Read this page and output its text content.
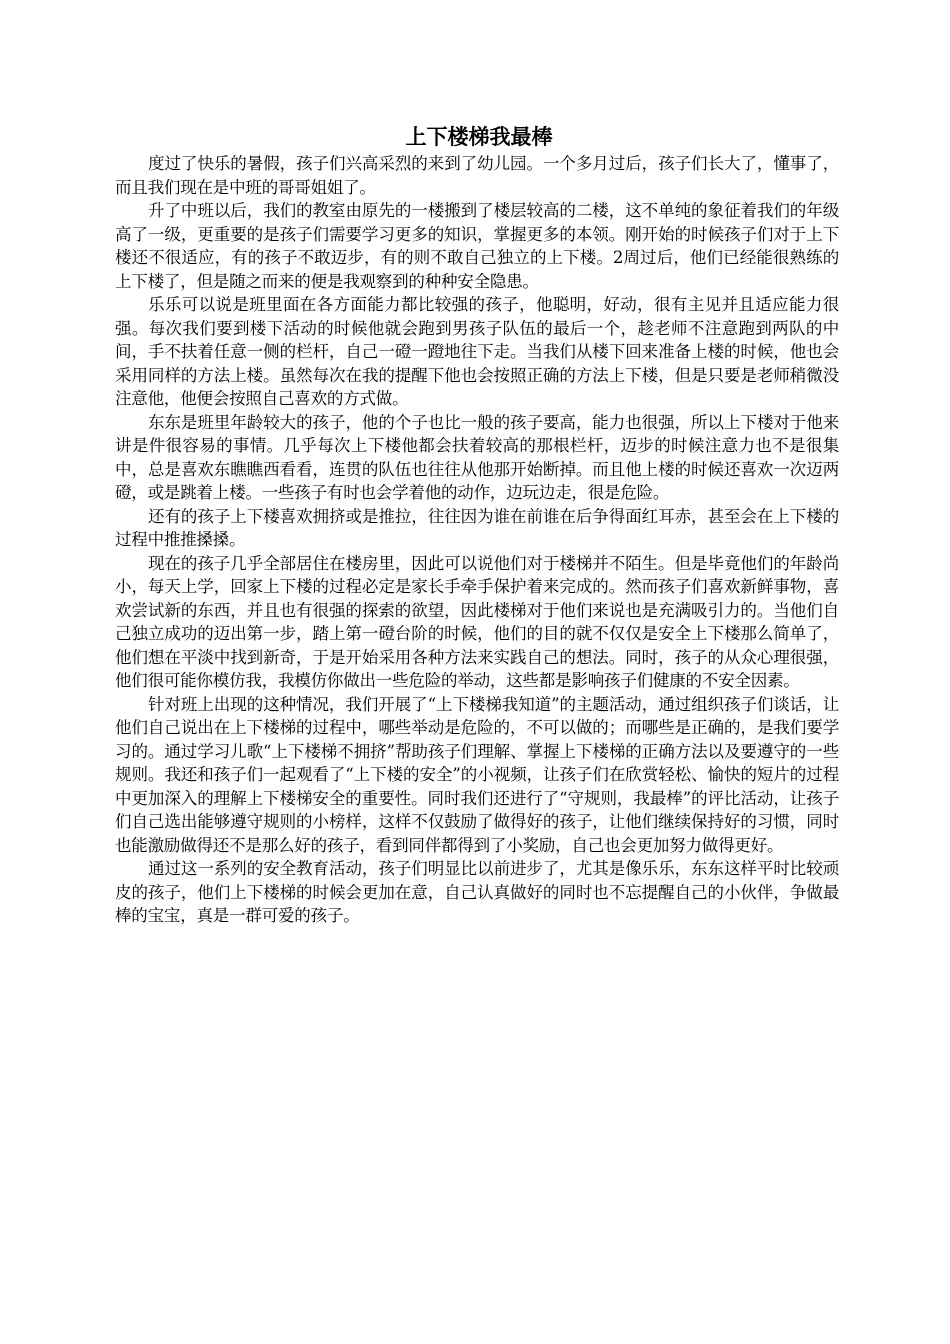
上下楼梯我最棒

度过了快乐的暑假，孩子们兴高采烈的来到了幼儿园。一个多月过后，孩子们长大了，懂事了，而且我们现在是中班的哥哥姐姐了。

升了中班以后，我们的教室由原先的一楼搬到了楼层较高的二楼，这不单纯的象征着我们的年级高了一级，更重要的是孩子们需要学习更多的知识，掌握更多的本领。刚开始的时候孩子们对于上下楼还不很适应，有的孩子不敢迈步，有的则不敢自己独立的上下楼。2周过后，他们已经能很熟练的上下楼了，但是随之而来的便是我观察到的种种安全隐患。

乐乐可以说是班里面在各方面能力都比较强的孩子，他聪明，好动，很有主见并且适应能力很强。每次我们要到楼下活动的时候他就会跑到男孩子队伍的最后一个，趁老师不注意跑到两队的中间，手不扶着任意一侧的栏杆，自己一磴一蹬地往下走。当我们从楼下回来准备上楼的时候，他也会采用同样的方法上楼。虽然每次在我的提醒下他也会按照正确的方法上下楼，但是只要是老师稍微没注意他，他便会按照自己喜欢的方式做。

东东是班里年龄较大的孩子，他的个子也比一般的孩子要高，能力也很强，所以上下楼对于他来讲是件很容易的事情。几乎每次上下楼他都会扶着较高的那根栏杆，迈步的时候注意力也不是很集中，总是喜欢东瞧瞧西看看，连贯的队伍也往往从他那开始断掉。而且他上楼的时候还喜欢一次迈两磴，或是跳着上楼。一些孩子有时也会学着他的动作，边玩边走，很是危险。

还有的孩子上下楼喜欢拥挤或是推拉，往往因为谁在前谁在后争得面红耳赤，甚至会在上下楼的过程中推推搡搡。

现在的孩子几乎全部居住在楼房里，因此可以说他们对于楼梯并不陌生。但是毕竟他们的年龄尚小，每天上学，回家上下楼的过程必定是家长手牵手保护着来完成的。然而孩子们喜欢新鲜事物，喜欢尝试新的东西，并且也有很强的探索的欲望，因此楼梯对于他们来说也是充满吸引力的。当他们自己独立成功的迈出第一步，踏上第一磴台阶的时候，他们的目的就不仅仅是安全上下楼那么简单了，他们想在平淡中找到新奇，于是开始采用各种方法来实践自己的想法。同时，孩子的从众心理很强，他们很可能你模仿我，我模仿你做出一些危险的举动，这些都是影响孩子们健康的不安全因素。

针对班上出现的这种情况，我们开展了“上下楼梯我知道”的主题活动，通过组织孩子们谈话，让他们自己说出在上下楼梯的过程中，哪些举动是危险的，不可以做的；而哪些是正确的，是我们要学习的。通过学习儿歌“上下楼梯不拥挤”帮助孩子们理解、掌握上下楼梯的正确方法以及要遵守的一些规则。我还和孩子们一起观看了“上下楼的安全”的小视频，让孩子们在欣赏轻松、愉快的短片的过程中更加深入的理解上下楼梯安全的重要性。同时我们还进行了“守规则，我最棒”的评比活动，让孩子们自己选出能够遵守规则的小榜样，这样不仅鼓励了做得好的孩子，让他们继续保持好的习惯，同时也能激励做得还不是那么好的孩子，看到同伴都得到了小奖励，自己也会更加努力做得更好。

通过这一系列的安全教育活动，孩子们明显比以前进步了，尤其是像乐乐，东东这样平时比较顽皮的孩子，他们上下楼梯的时候会更加在意，自己认真做好的同时也不忘提醒自己的小伙伴，争做最棒的宝宝，真是一群可爱的孩子。
